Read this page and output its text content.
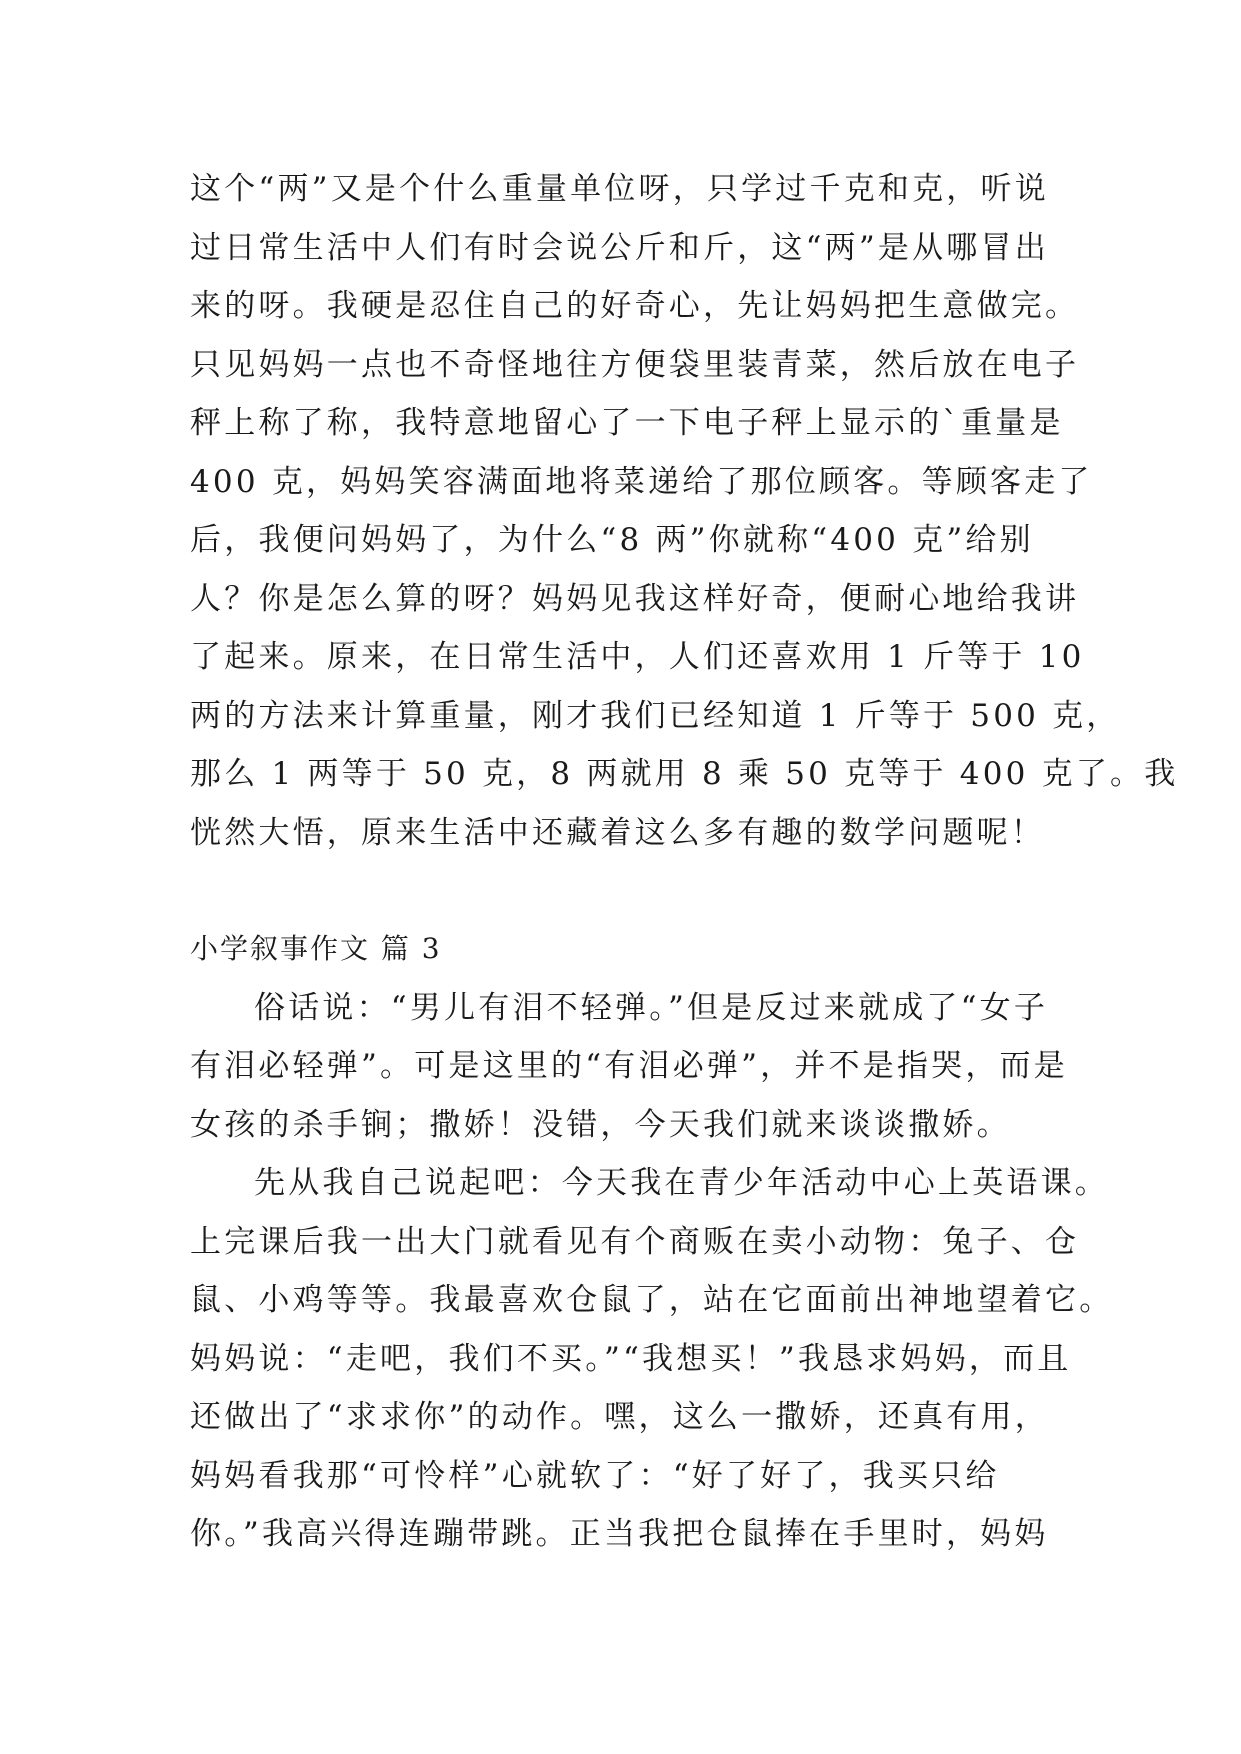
这个“两”又是个什么重量单位呀，只学过千克和克，听说
过日常生活中人们有时会说公斤和斤，这“两”是从哪冒出
来的呀。我硬是忍住自己的好奇心，先让妈妈把生意做完。
只见妈妈一点也不奇怪地往方便袋里装青菜，然后放在电子
秤上称了称，我特意地留心了一下电子秤上显示的`重量是
400 克，妈妈笑容满面地将菜递给了那位顾客。等顾客走了
后，我便问妈妈了，为什么“8 两”你就称“400 克”给别
人？你是怎么算的呀？妈妈见我这样好奇，便耐心地给我讲
了起来。原来，在日常生活中，人们还喜欢用 1 斤等于 10
两的方法来计算重量，刚才我们已经知道 1 斤等于 500 克，
那么 1 两等于 50 克，8 两就用 8 乘 50 克等于 400 克了。我
恍然大悟，原来生活中还藏着这么多有趣的数学问题呢！
小学叙事作文 篇 3
俗话说：“男儿有泪不轻弹。”但是反过来就成了“女子
有泪必轻弹”。可是这里的“有泪必弹”，并不是指哭，而是
女孩的杀手锏；撒娇！没错，今天我们就来谈谈撒娇。
先从我自己说起吧：今天我在青少年活动中心上英语课。
上完课后我一出大门就看见有个商贩在卖小动物：兔子、仓
鼠、小鸡等等。我最喜欢仓鼠了，站在它面前出神地望着它。
妈妈说：“走吧，我们不买。”“我想买！”我恳求妈妈，而且
还做出了“求求你”的动作。嘿，这么一撒娇，还真有用，
妈妈看我那“可怜样”心就软了：“好了好了，我买只给
你。”我高兴得连蹦带跳。正当我把仓鼠捧在手里时，妈妈
